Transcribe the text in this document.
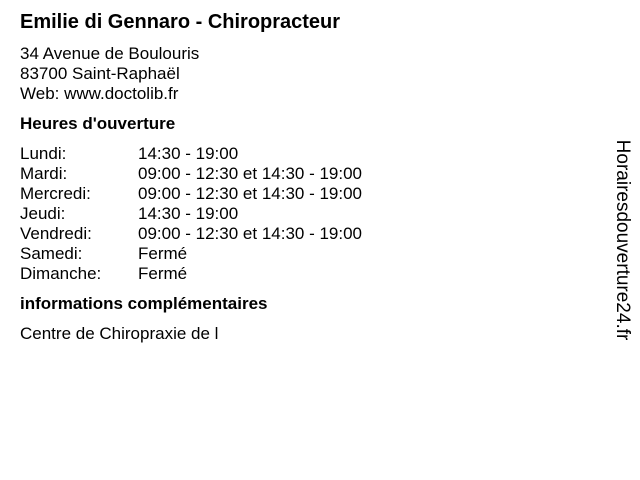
Emilie di Gennaro - Chiropracteur
34 Avenue de Boulouris
83700 Saint-Raphaël
Web: www.doctolib.fr
Heures d'ouverture
Lundi:	14:30 - 19:00
Mardi:	09:00 - 12:30 et 14:30 - 19:00
Mercredi:	09:00 - 12:30 et 14:30 - 19:00
Jeudi:	14:30 - 19:00
Vendredi:	09:00 - 12:30 et 14:30 - 19:00
Samedi:	Fermé
Dimanche: Fermé
informations complémentaires
Centre de Chiropraxie de l	Horairesdouverture24.fr
